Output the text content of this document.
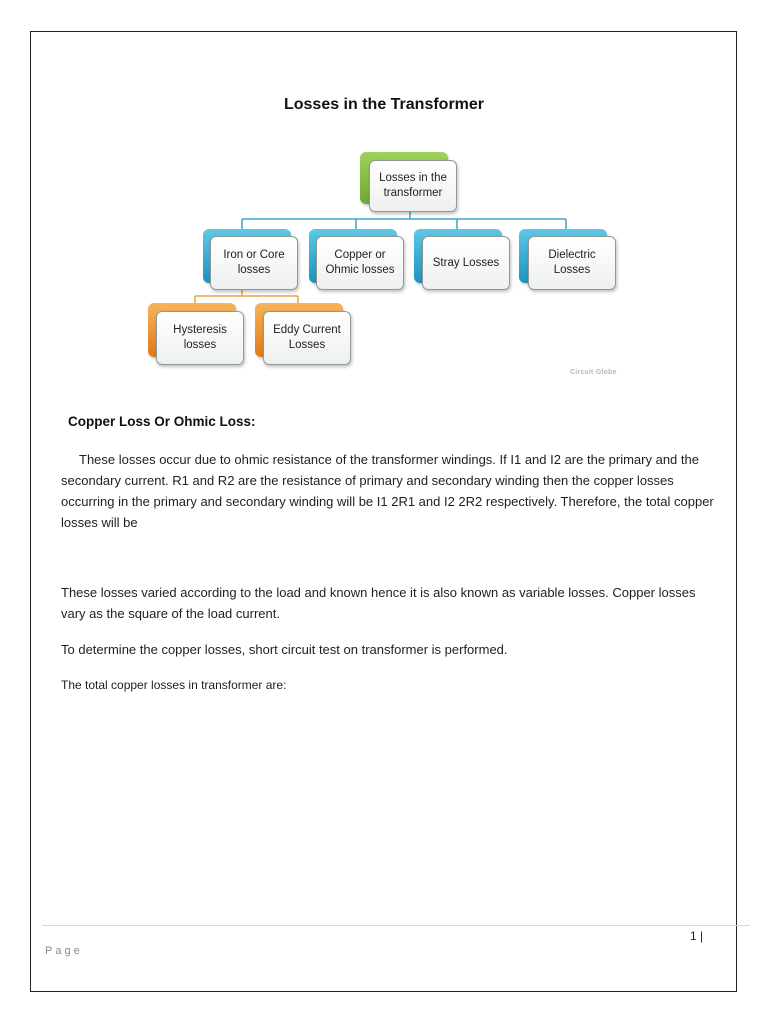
Losses in the Transformer
Losses in the
transformer
Iron or Core
losses
Copper or
Ohmic losses
Stray Losses
Dielectric
Losses
Hysteresis
losses
Eddy Current
Losses
Circuit Globe
Copper Loss Or Ohmic Loss:

These losses occur due to ohmic resistance of the transformer windings. If I1 and I2 are the primary and the secondary current. R1 and R2 are the resistance of primary and secondary winding then the copper losses occurring in the primary and secondary winding will be I1 2R1 and I2 2R2 respectively. Therefore, the total copper losses will be

These losses varied according to the load and known hence it is also known as variable losses. Copper losses vary as the square of the load current.

To determine the copper losses, short circuit test on transformer is performed.

The total copper losses in transformer are:

1 |
Page
